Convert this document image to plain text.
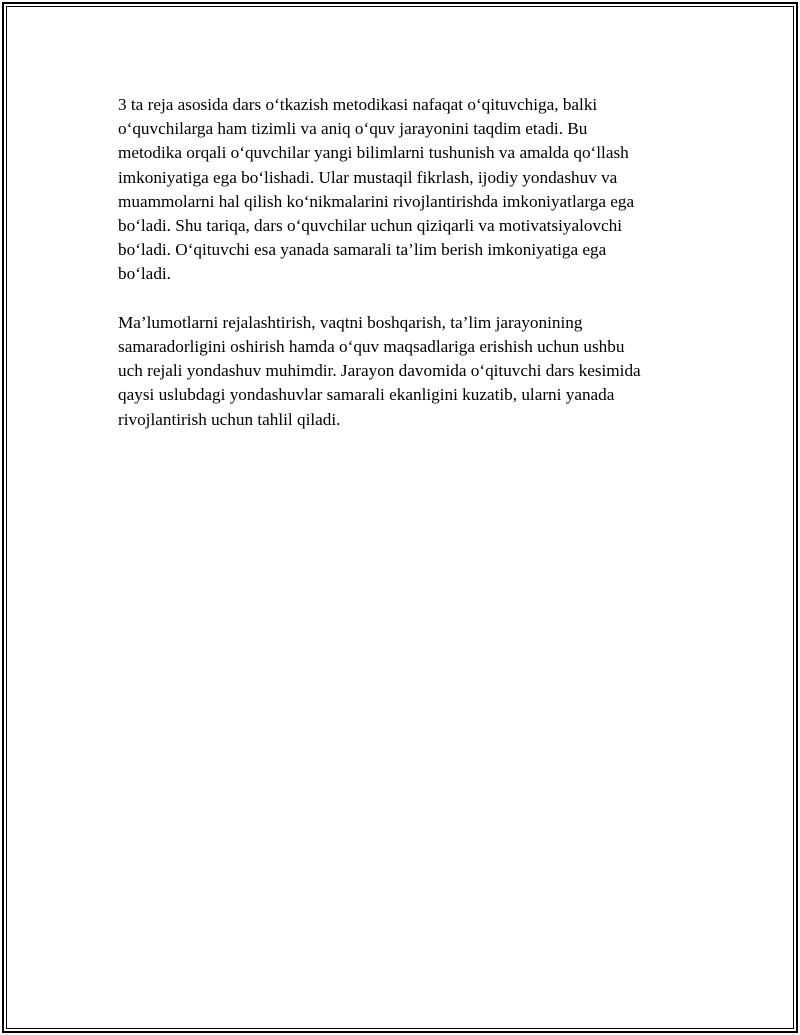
3 ta reja asosida dars o‘tkazish metodikasi nafaqat o‘qituvchiga, balki
o‘quvchilarga ham tizimli va aniq o‘quv jarayonini taqdim etadi. Bu
metodika orqali o‘quvchilar yangi bilimlarni tushunish va amalda qo‘llash
imkoniyatiga ega bo‘lishadi. Ular mustaqil fikrlash, ijodiy yondashuv va
muammolarni hal qilish ko‘nikmalarini rivojlantirishda imkoniyatlarga ega
bo‘ladi. Shu tariqa, dars o‘quvchilar uchun qiziqarli va motivatsiyalovchi
bo‘ladi. O‘qituvchi esa yanada samarali ta’lim berish imkoniyatiga ega
bo‘ladi.

Ma’lumotlarni rejalashtirish, vaqtni boshqarish, ta’lim jarayonining
samaradorligini oshirish hamda o‘quv maqsadlariga erishish uchun ushbu
uch rejali yondashuv muhimdir. Jarayon davomida o‘qituvchi dars kesimida
qaysi uslubdagi yondashuvlar samarali ekanligini kuzatib, ularni yanada
rivojlantirish uchun tahlil qiladi.
